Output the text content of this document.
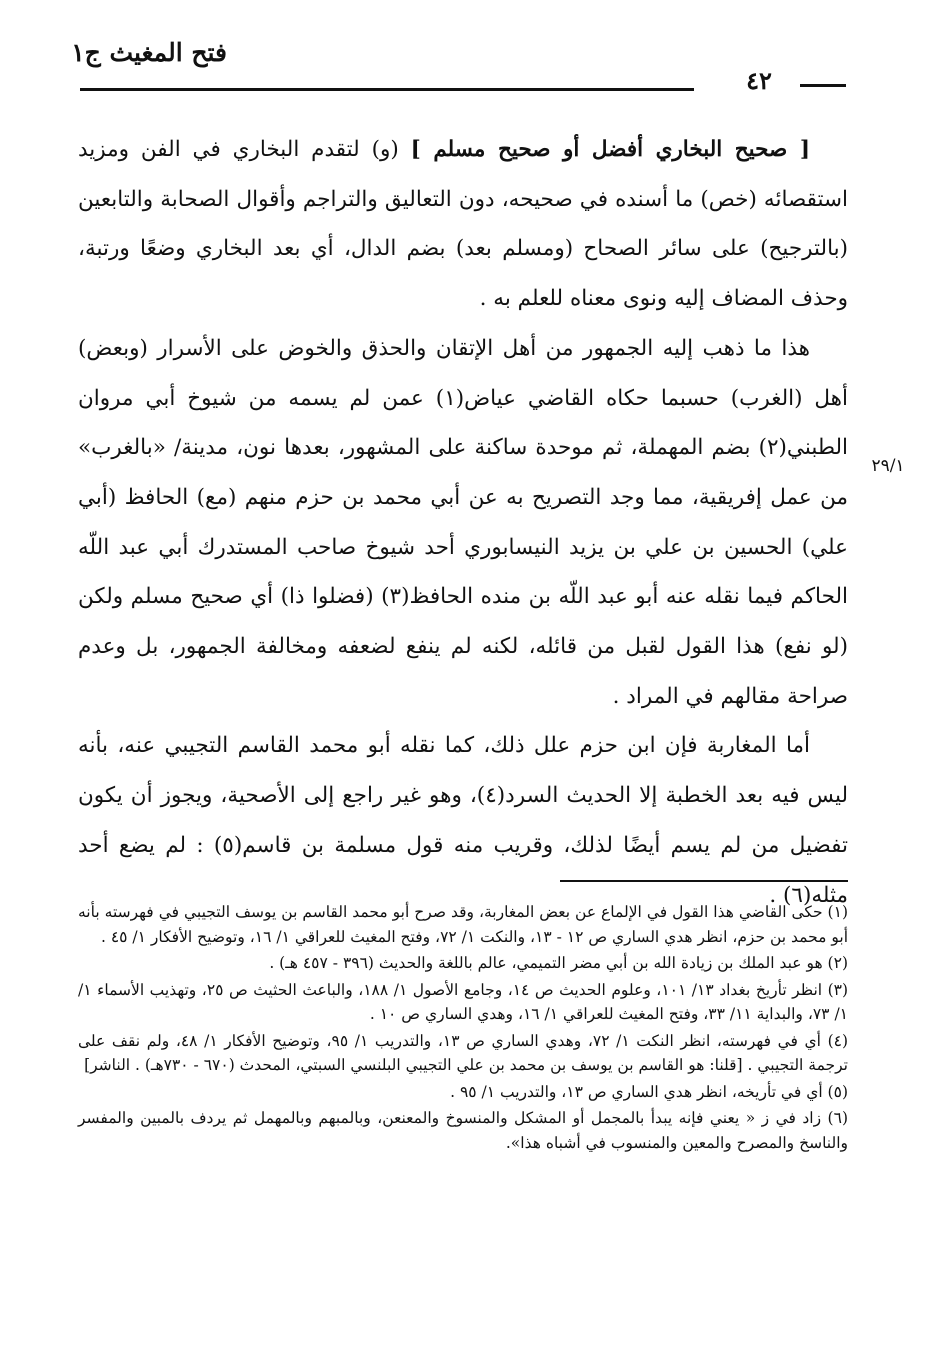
فتح المغيث ج١
٤٢
٢٩/١

[ صحيح البخاري أفضل أو صحيح مسلم ] (و) لتقدم البخاري في الفن ومزيد استقصائه (خص) ما أسنده في صحيحه، دون التعاليق والتراجم وأقوال الصحابة والتابعين (بالترجيح) على سائر الصحاح (ومسلم بعد) بضم الدال، أي بعد البخاري وضعًا ورتبة، وحذف المضاف إليه ونوى معناه للعلم به .

هذا ما ذهب إليه الجمهور من أهل الإتقان والحذق والخوض على الأسرار (وبعض) أهل (الغرب) حسبما حكاه القاضي عياض(١) عمن لم يسمه من شيوخ أبي مروان الطبني(٢) بضم المهملة، ثم موحدة ساكنة على المشهور، بعدها نون، مدينة/ «بالغرب» من عمل إفريقية، مما وجد التصريح به عن أبي محمد بن حزم منهم (مع) الحافظ (أبي علي) الحسين بن علي بن يزيد النيسابوري أحد شيوخ صاحب المستدرك أبي عبد اللّه الحاكم فيما نقله عنه أبو عبد اللّه بن منده الحافظ(٣) (فضلوا ذا) أي صحيح مسلم ولكن (لو نفع) هذا القول لقبل من قائله، لكنه لم ينفع لضعفه ومخالفة الجمهور، بل وعدم صراحة مقالهم في المراد .

أما المغاربة فإن ابن حزم علل ذلك، كما نقله أبو محمد القاسم التجيبي عنه، بأنه ليس فيه بعد الخطبة إلا الحديث السرد(٤)، وهو غير راجع إلى الأصحية، ويجوز أن يكون تفضيل من لم يسم أيضًا لذلك، وقريب منه قول مسلمة بن قاسم(٥) : لم يضع أحد مثله(٦) .

(١) حكى القاضي هذا القول في الإلماع عن بعض المغاربة، وقد صرح أبو محمد القاسم بن يوسف التجيبي في فهرسته بأنه أبو محمد بن حزم، انظر هدي الساري ص ١٢ - ١٣، والنكت ١/ ٧٢، وفتح المغيث للعراقي ١/ ١٦، وتوضيح الأفكار ١/ ٤٥ .

(٢) هو عبد الملك بن زيادة الله بن أبي مضر التميمي، عالم باللغة والحديث (٣٩٦ - ٤٥٧ هـ) .

(٣) انظر تأريخ بغداد ١٣/ ١٠١، وعلوم الحديث ص ١٤، وجامع الأصول ١/ ١٨٨، والباعث الحثيث ص ٢٥، وتهذيب الأسماء ١/ ١/ ٧٣، والبداية ١١/ ٣٣، وفتح المغيث للعراقي ١/ ١٦، وهدي الساري ص ١٠ .

(٤) أي في فهرسته، انظر النكت ١/ ٧٢، وهدي الساري ص ١٣، والتدريب ١/ ٩٥، وتوضيح الأفكار ١/ ٤٨، ولم نقف على ترجمة التجيبي . [قلنا: هو القاسم بن يوسف بن محمد بن علي التجيبي البلنسي السبتي، المحدث (٦٧٠ - ٧٣٠هـ) . الناشر]

(٥) أي في تأريخه، انظر هدي الساري ص ١٣، والتدريب ١/ ٩٥ .

(٦) زاد في ز « يعني فإنه يبدأ بالمجمل أو المشكل والمنسوخ والمعنعن، وبالمبهم وبالمهمل ثم يردف بالمبين والمفسر والناسخ والمصرح والمعين والمنسوب في أشباه هذا».
